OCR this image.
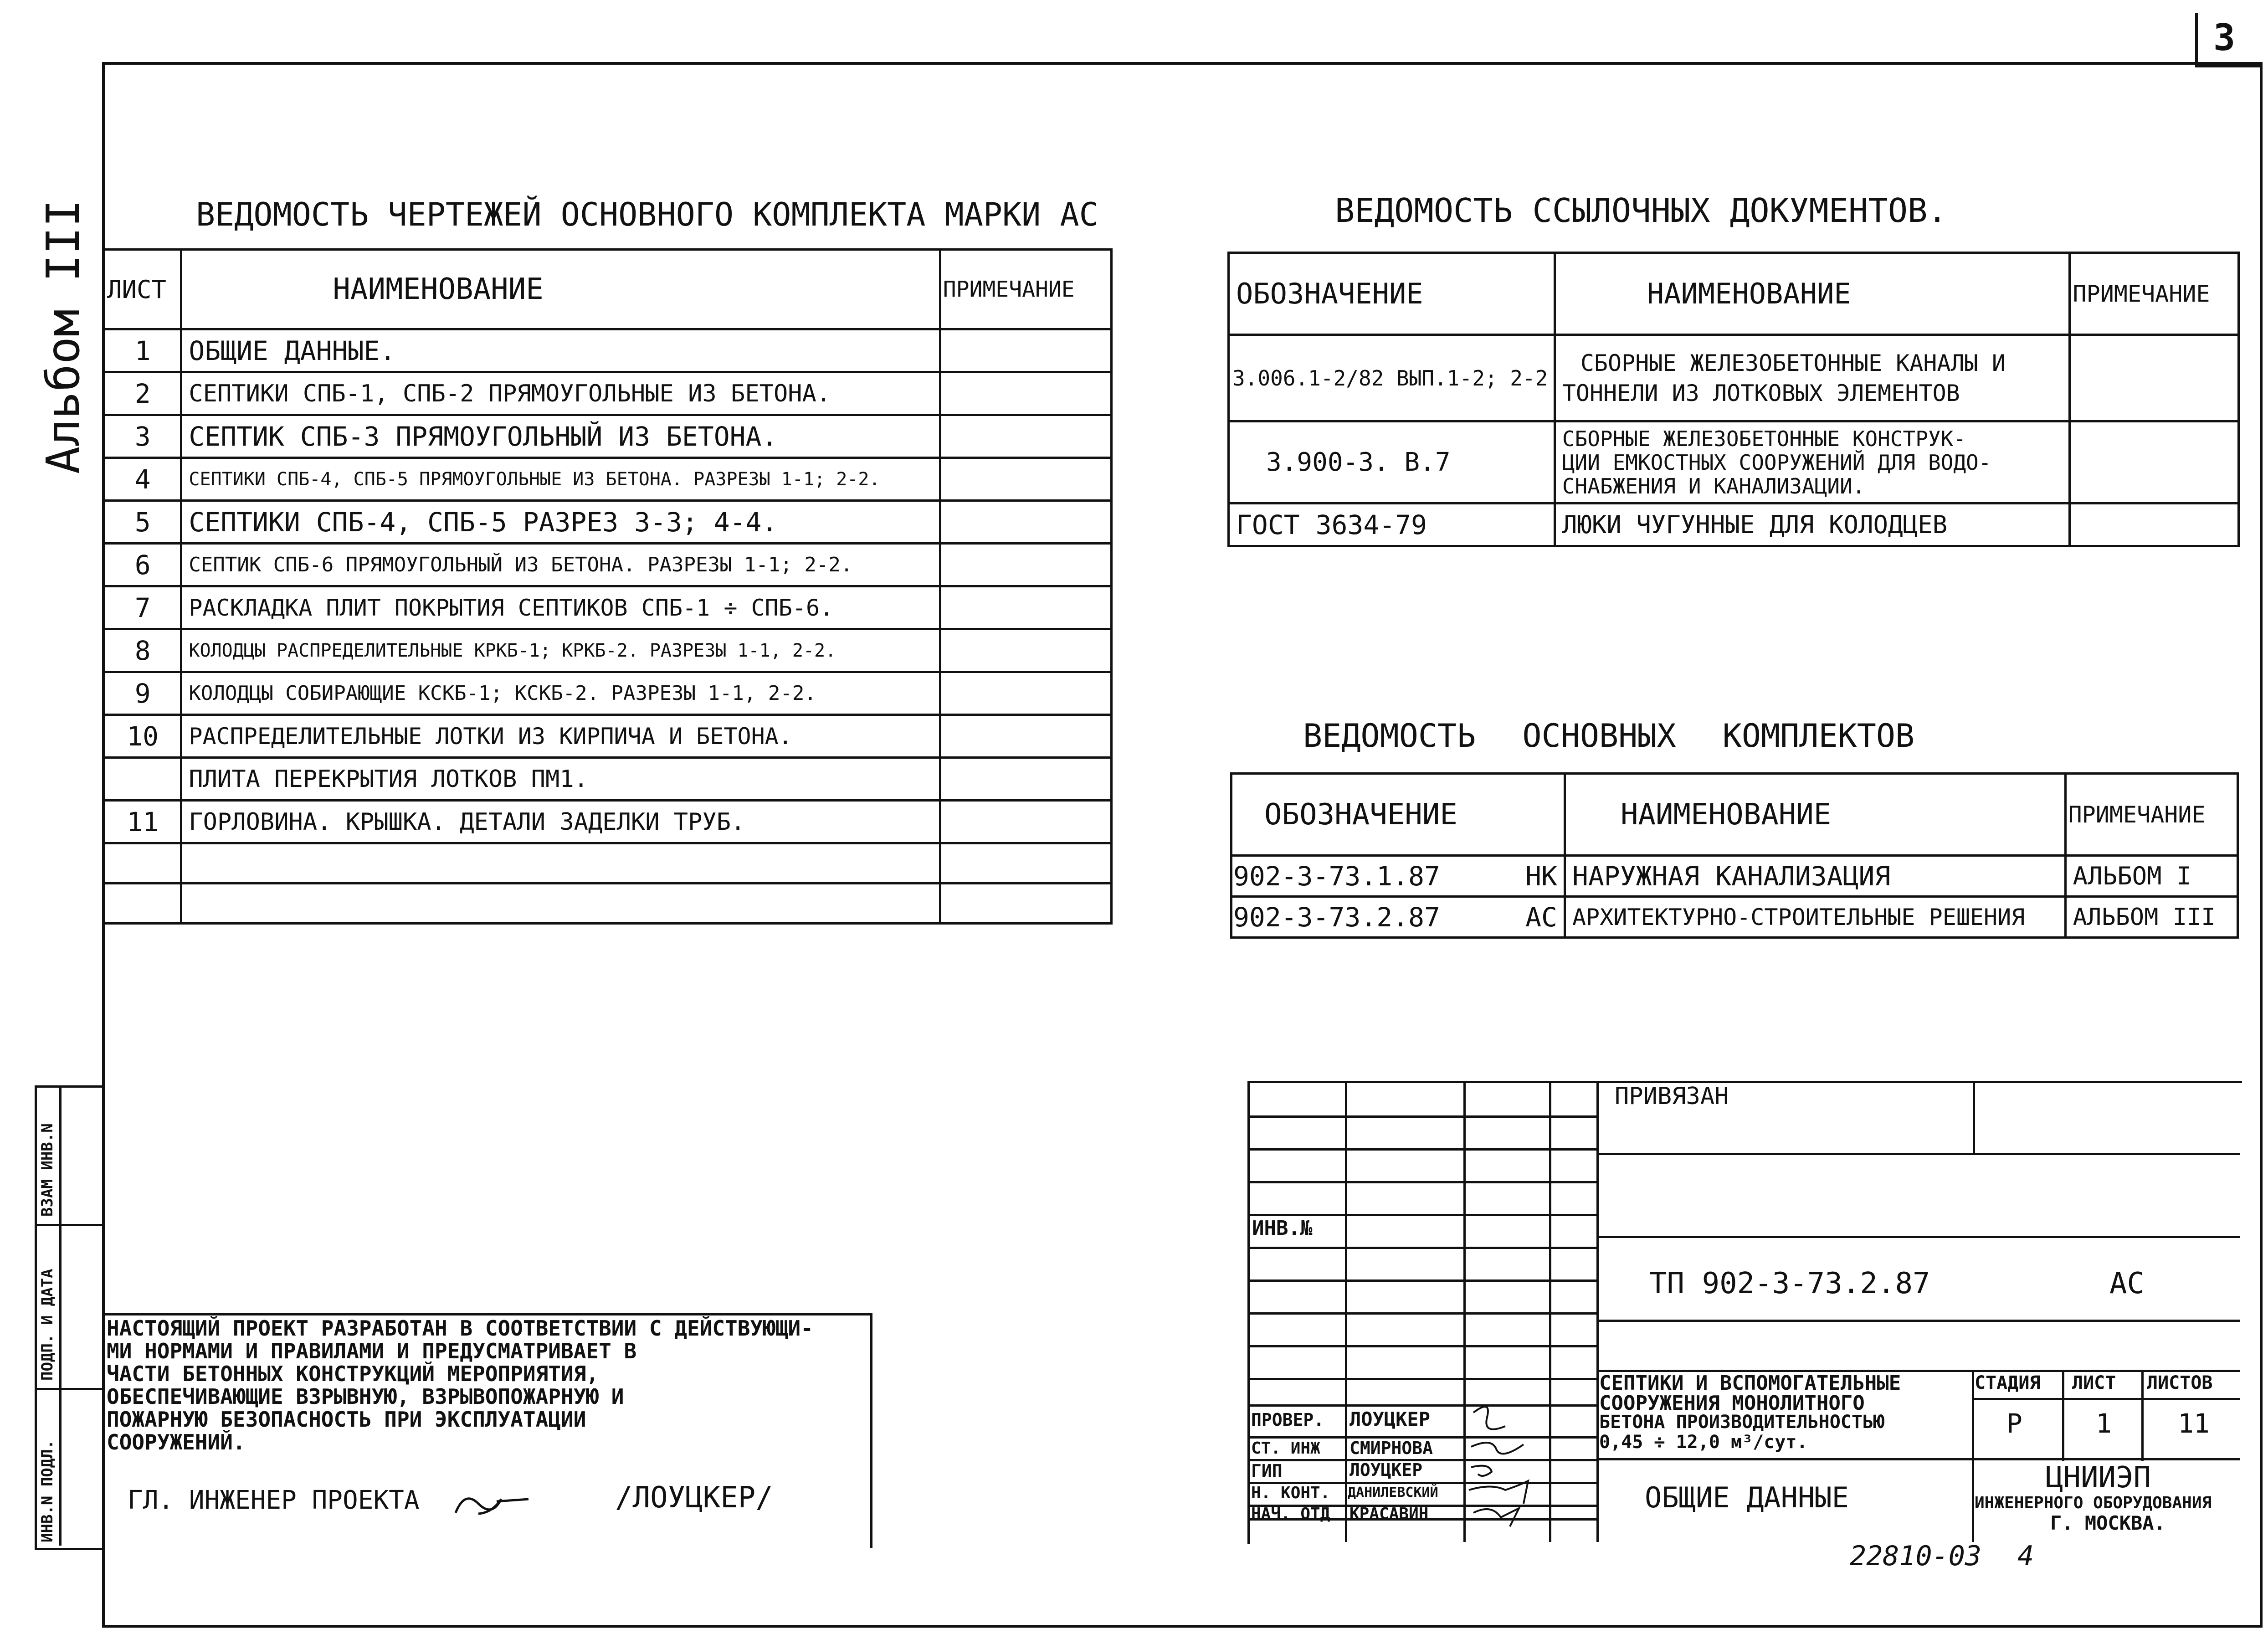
3
Альбом III
ВЗАМ ИНВ.N
ПОДП. И ДАТА
ИНВ.N ПОДЛ.
ВЕДОМОСТЬ ЧЕРТЕЖЕЙ ОСНОВНОГО КОМПЛЕКТА МАРКИ АС
ЛИСТ	НАИМЕНОВАНИЕ	ПРИМЕЧАНИЕ
1	ОБЩИЕ ДАННЫЕ.	
2	СЕПТИКИ СПБ-1, СПБ-2 ПРЯМОУГОЛЬНЫЕ ИЗ БЕТОНА.	
3	СЕПТИК СПБ-3 ПРЯМОУГОЛЬНЫЙ ИЗ БЕТОНА.	
4	СЕПТИКИ СПБ-4, СПБ-5 ПРЯМОУГОЛЬНЫЕ ИЗ БЕТОНА. РАЗРЕЗЫ 1-1; 2-2.	
5	СЕПТИКИ СПБ-4, СПБ-5 РАЗРЕЗ 3-3; 4-4.	
6	СЕПТИК СПБ-6 ПРЯМОУГОЛЬНЫЙ ИЗ БЕТОНА. РАЗРЕЗЫ 1-1; 2-2.	
7	РАСКЛАДКА ПЛИТ ПОКРЫТИЯ СЕПТИКОВ СПБ-1 ÷ СПБ-6.	
8	КОЛОДЦЫ РАСПРЕДЕЛИТЕЛЬНЫЕ КРКБ-1; КРКБ-2. РАЗРЕЗЫ 1-1, 2-2.	
9	КОЛОДЦЫ СОБИРАЮЩИЕ КСКБ-1; КСКБ-2. РАЗРЕЗЫ 1-1, 2-2.	
10	РАСПРЕДЕЛИТЕЛЬНЫЕ ЛОТКИ ИЗ КИРПИЧА И БЕТОНА.	
	ПЛИТА ПЕРЕКРЫТИЯ ЛОТКОВ ПМ1.	
11	ГОРЛОВИНА. КРЫШКА. ДЕТАЛИ ЗАДЕЛКИ ТРУБ.	

ВЕДОМОСТЬ ССЫЛОЧНЫХ ДОКУМЕНТОВ.
ОБОЗНАЧЕНИЕ	НАИМЕНОВАНИЕ	ПРИМЕЧАНИЕ
3.006.1-2/82 ВЫП.1-2; 2-2	СБОРНЫЕ ЖЕЛЕЗОБЕТОННЫЕ КАНАЛЫ И
ТОННЕЛИ ИЗ ЛОТКОВЫХ ЭЛЕМЕНТОВ	

3.900-3. В.7	СБОРНЫЕ ЖЕЛЕЗОБЕТОННЫЕ КОНСТРУК-
ЦИИ ЕМКОСТНЫХ СООРУЖЕНИЙ ДЛЯ ВОДО-
СНАБЖЕНИЯ И КАНАЛИЗАЦИИ.	

ГОСТ 3634-79	ЛЮКИ ЧУГУННЫЕ ДЛЯ КОЛОДЦЕВ	

ВЕДОМОСТЬ ОСНОВНЫХ КОМПЛЕКТОВ
ОБОЗНАЧЕНИЕ		НАИМЕНОВАНИЕ	ПРИМЕЧАНИЕ
902-3-73.1.87	НК	НАРУЖНАЯ КАНАЛИЗАЦИЯ	АЛЬБОМ I
902-3-73.2.87	АС	АРХИТЕКТУРНО-СТРОИТЕЛЬНЫЕ РЕШЕНИЯ	АЛЬБОМ III
НАСТОЯЩИЙ ПРОЕКТ РАЗРАБОТАН В СООТВЕТСТВИИ С ДЕЙСТВУЮЩИ-
МИ НОРМАМИ И ПРАВИЛАМИ И ПРЕДУСМАТРИВАЕТ В
ЧАСТИ БЕТОННЫХ КОНСТРУКЦИЙ МЕРОПРИЯТИЯ,
ОБЕСПЕЧИВАЮЩИЕ ВЗРЫВНУЮ, ВЗРЫВОПОЖАРНУЮ И
ПОЖАРНУЮ БЕЗОПАСНОСТЬ ПРИ ЭКСПЛУАТАЦИИ
СООРУЖЕНИЙ.
ГЛ. ИНЖЕНЕР ПРОЕКТА	/ЛОУЦКЕР/
ИНВ.№
ПРОВЕР. ЛОУЦКЕР
СТ. ИНЖ СМИРНОВА
ГИП	ЛОУЦКЕР
Н. КОНТ. ДАНИЛЕВСКИЙ
НАЧ. ОТД КРАСАВИН
ПРИВЯЗАН
ТП 902-3-73.2.87	АС
СЕПТИКИ И ВСПОМОГАТЕЛЬНЫЕ
СООРУЖЕНИЯ МОНОЛИТНОГО
БЕТОНА ПРОИЗВОДИТЕЛЬНОСТЬЮ
0,45 ÷ 12,0 м³/сут.
СТАДИЯ ЛИСТ ЛИСТОВ
Р	1	11
ОБЩИЕ ДАННЫЕ
ЦНИИЭП
ИНЖЕНЕРНОГО ОБОРУДОВАНИЯ
Г. МОСКВА.
22810-03 4
